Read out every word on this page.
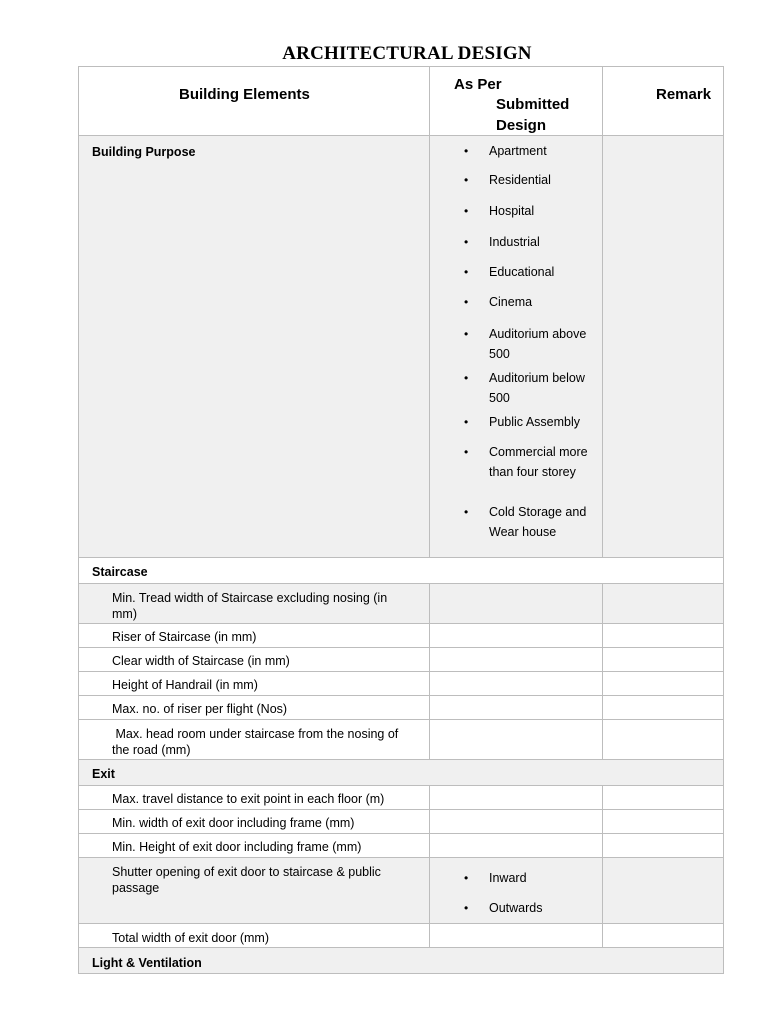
ARCHITECTURAL DESIGN
Building Elements
As Per
Submitted
Design
Remark
Building Purpose	• Apartment
• Residential
• Hospital
• Industrial
• Educational
• Cinema
• Auditorium above 500
• Auditorium below 500
• Public Assembly
• Commercial more than four storey
• Cold Storage and Wear house
Staircase
Min. Tread width of Staircase excluding nosing (in mm)
Riser of Staircase (in mm)
Clear width of Staircase (in mm)
Height of Handrail (in mm)
Max. no. of riser per flight (Nos)
Max. head room under staircase from the nosing of the road (mm)
Exit
Max. travel distance to exit point in each floor (m)
Min. width of exit door including frame (mm)
Min. Height of exit door including frame (mm)
Shutter opening of exit door to staircase & public passage
• Inward
• Outwards
Total width of exit door (mm)
Light & Ventilation
